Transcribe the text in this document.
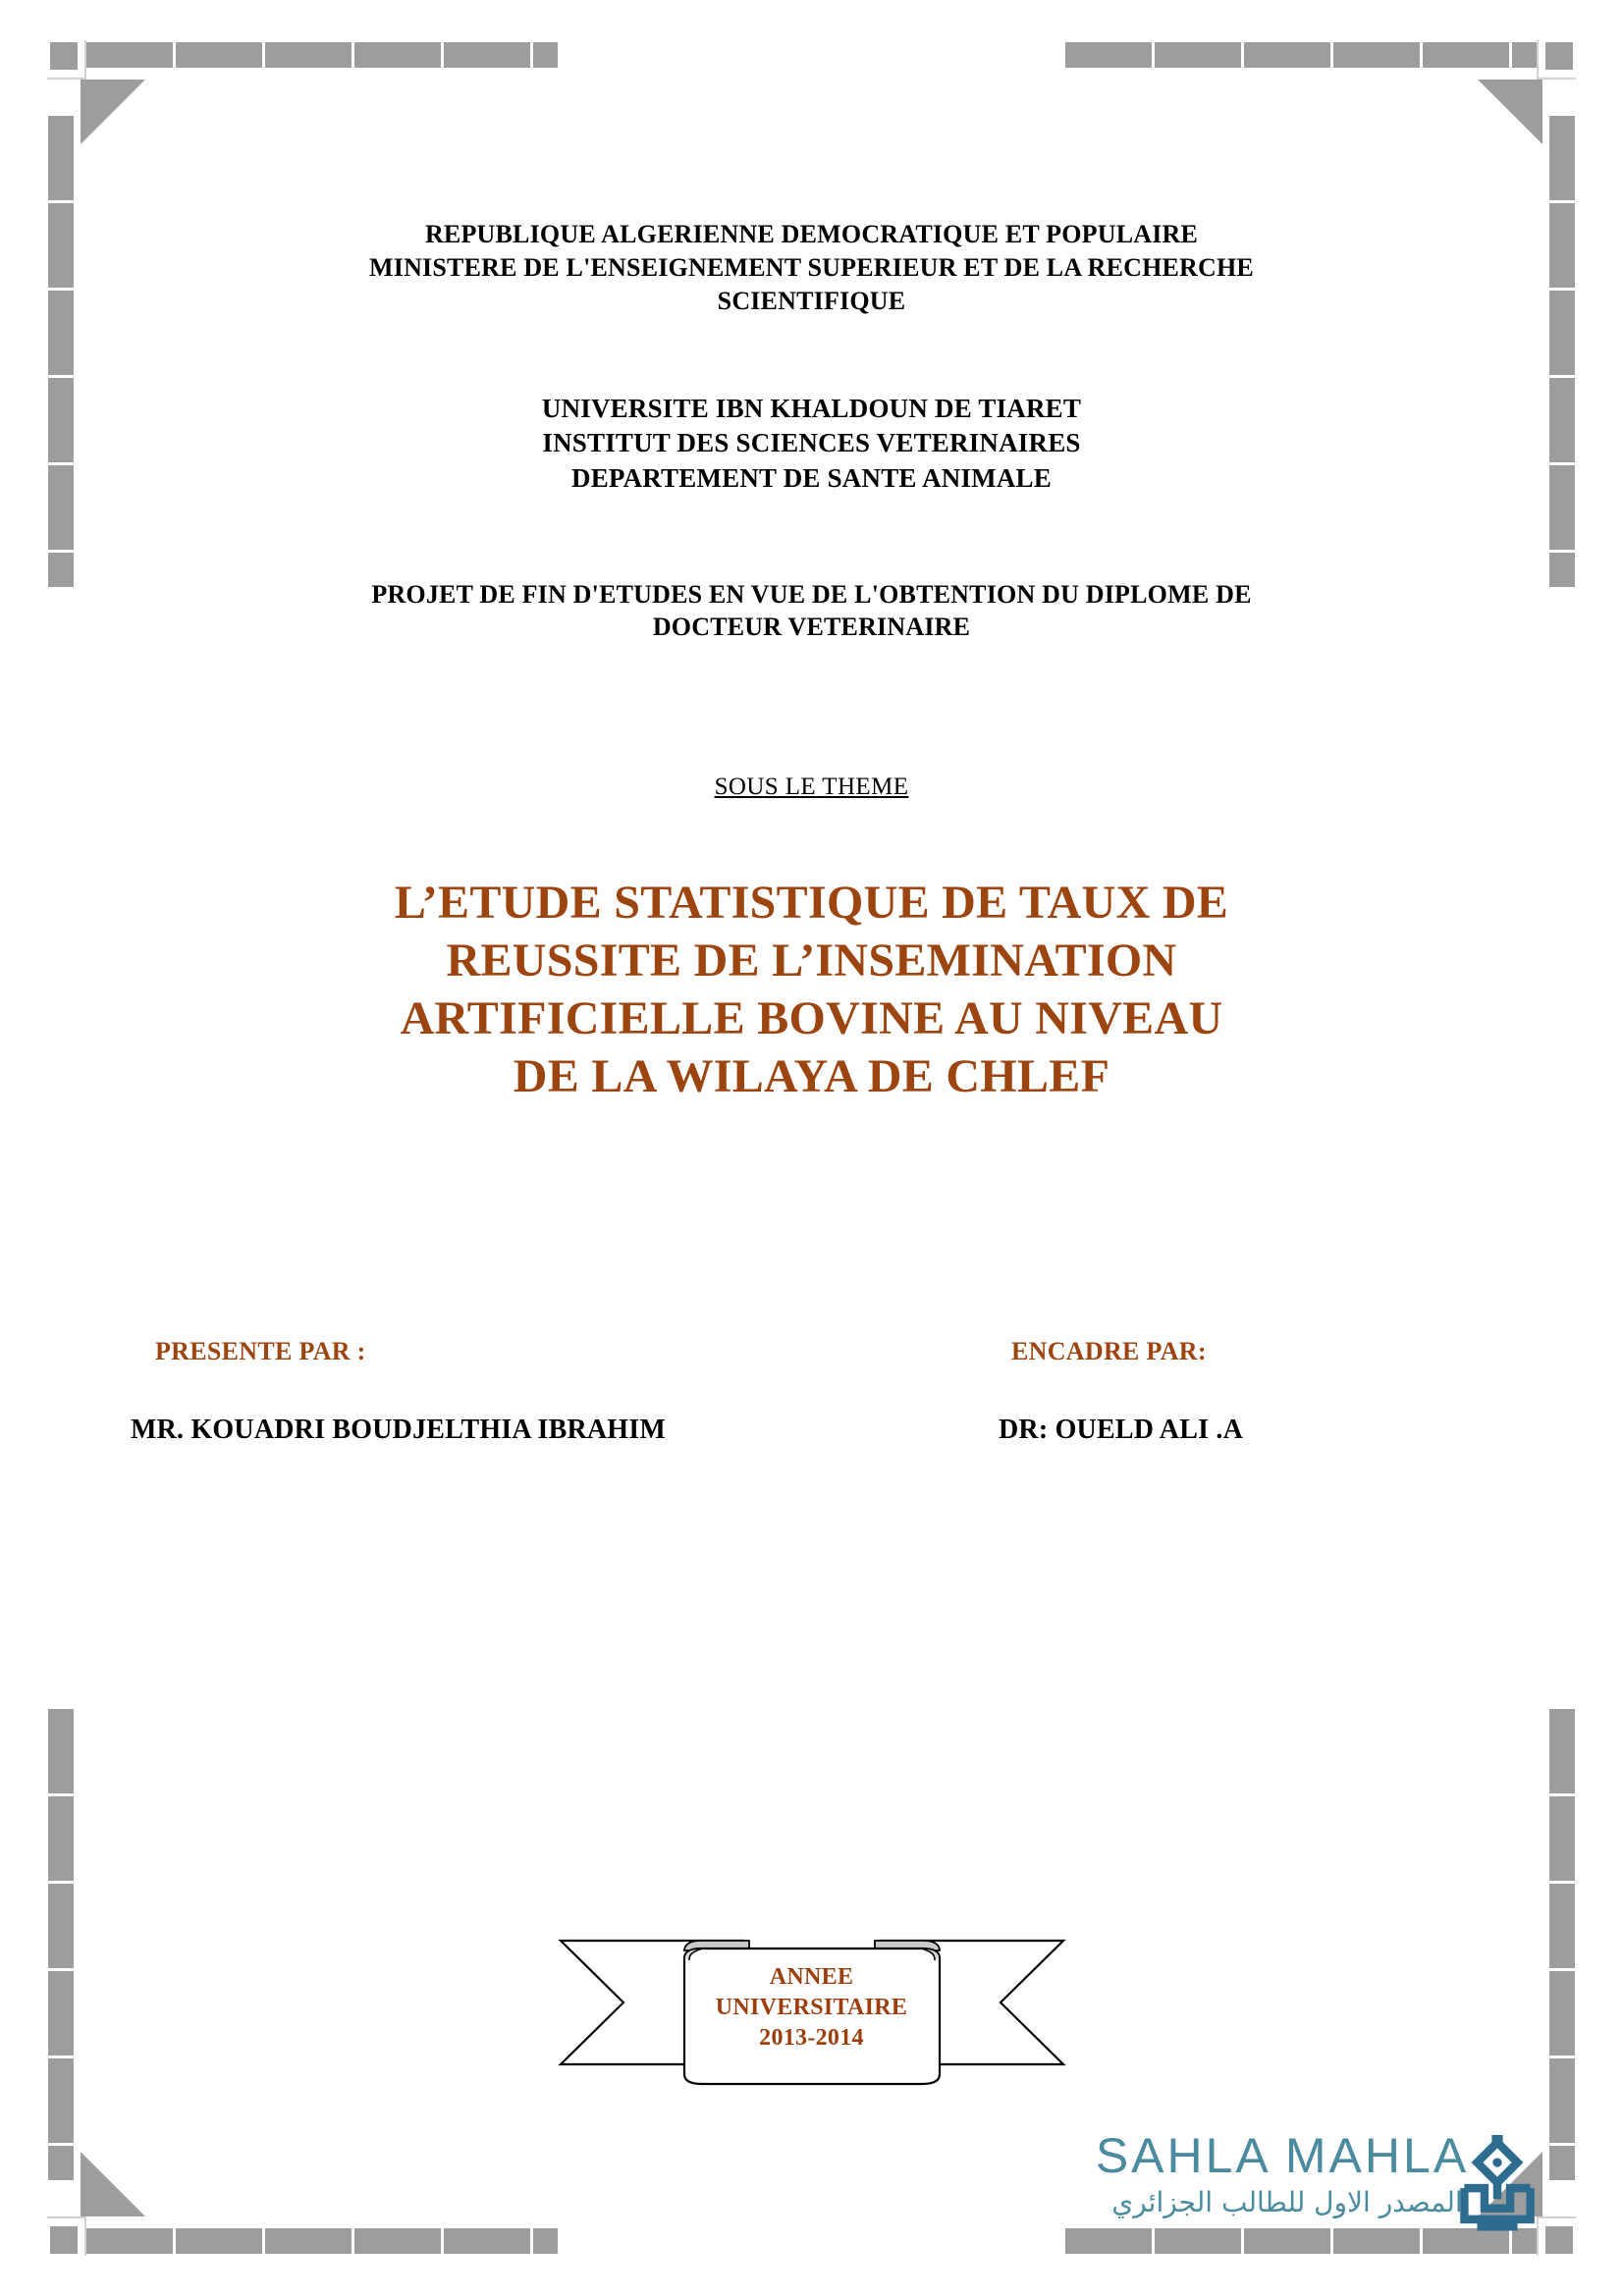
REPUBLIQUE ALGERIENNE DEMOCRATIQUE ET POPULAIRE
MINISTERE DE L'ENSEIGNEMENT SUPERIEUR ET DE LA RECHERCHE
SCIENTIFIQUE
UNIVERSITE IBN KHALDOUN DE TIARET
INSTITUT DES SCIENCES VETERINAIRES
DEPARTEMENT DE SANTE ANIMALE
PROJET DE FIN D'ETUDES EN VUE DE L'OBTENTION DU DIPLOME DE
DOCTEUR VETERINAIRE
SOUS LE THEME
L’ETUDE STATISTIQUE DE TAUX DE
REUSSITE DE L’INSEMINATION
ARTIFICIELLE BOVINE AU NIVEAU
DE LA WILAYA DE CHLEF
PRESENTE PAR :
MR. KOUADRI BOUDJELTHIA IBRAHIM
ENCADRE PAR:
DR: OUELD ALI .A
ANNEE
UNIVERSITAIRE
2013-2014
SAHLA MAHLA
المصدر الاول للطالب الجزائري
